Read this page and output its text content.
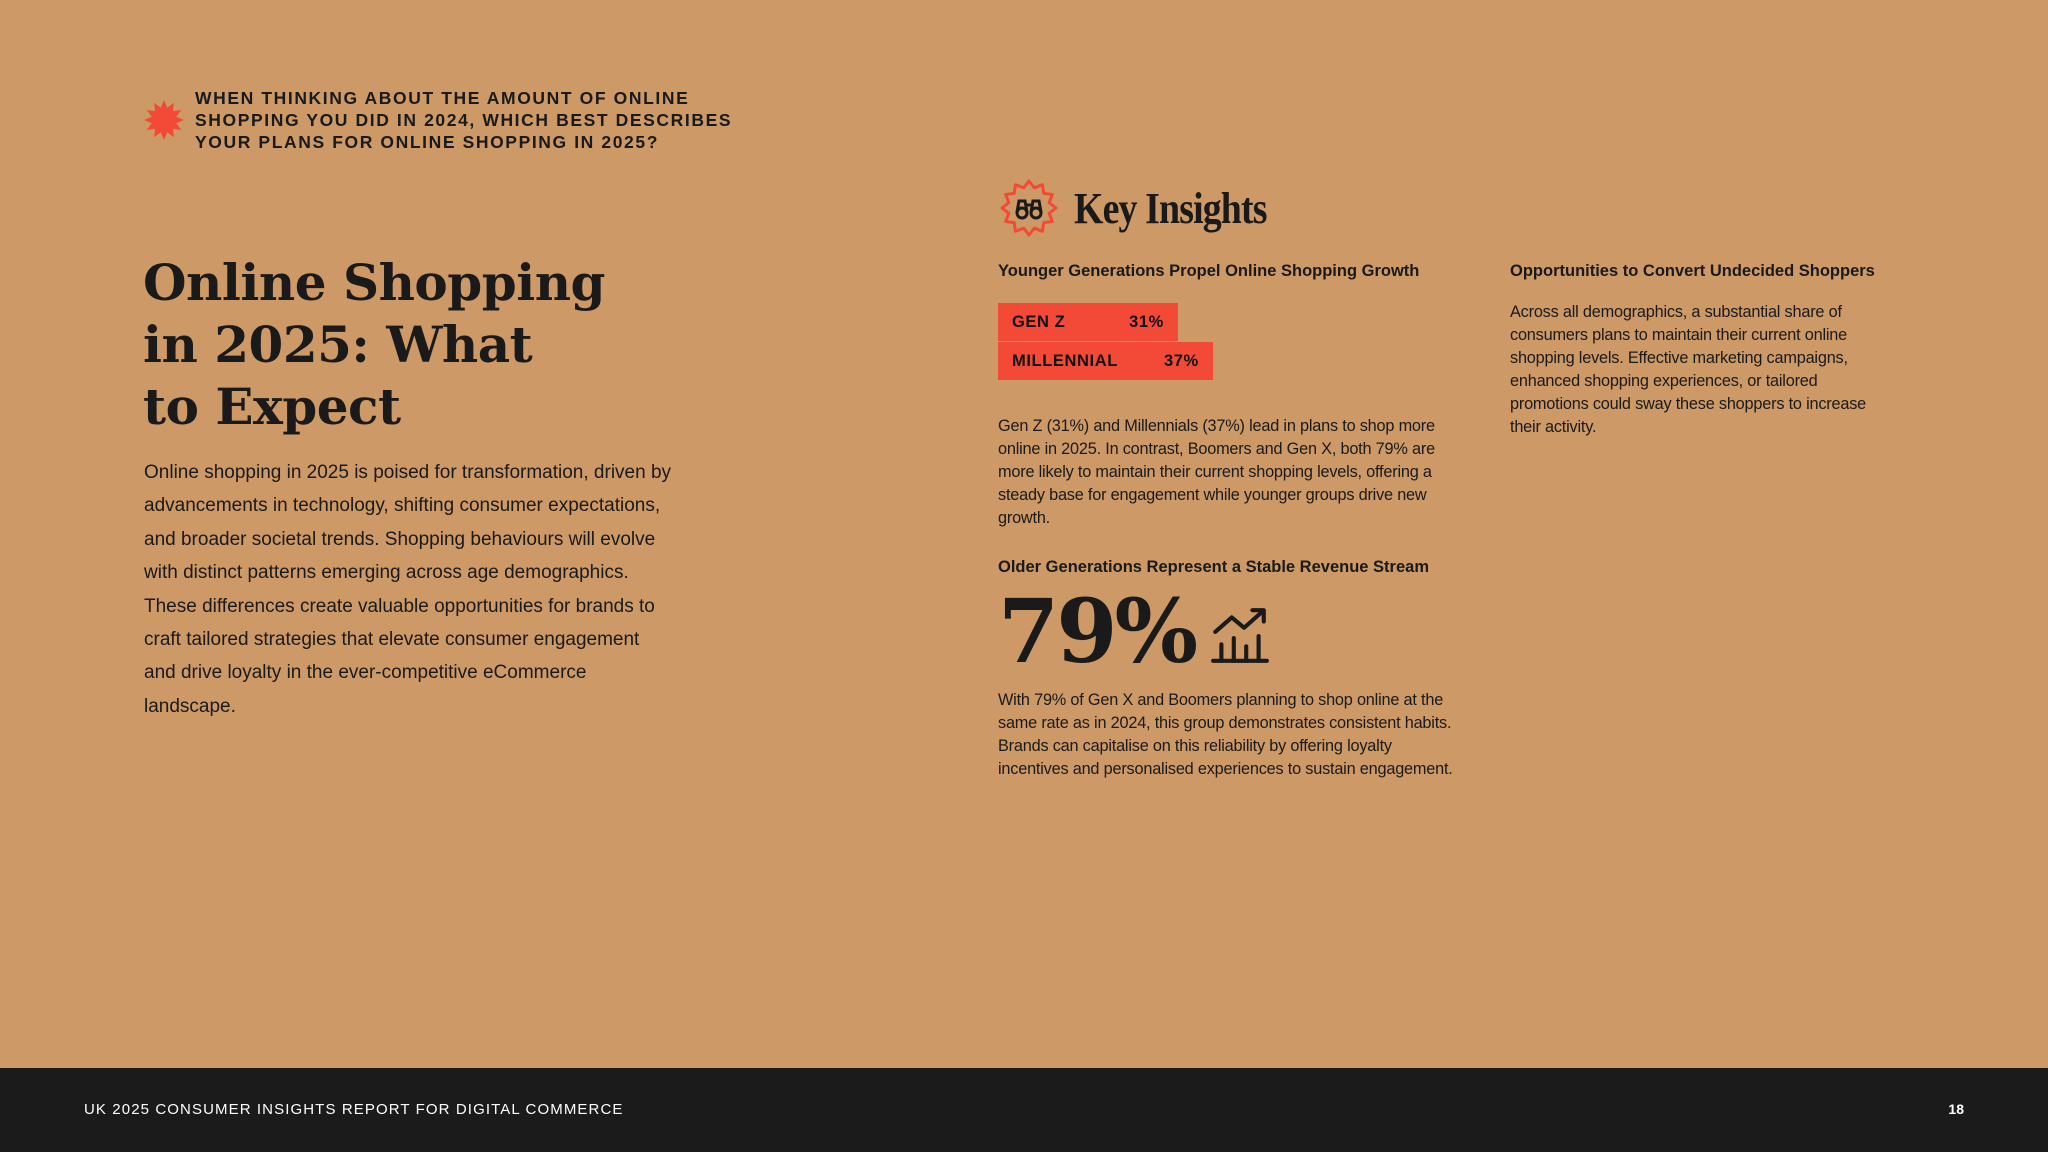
WHEN THINKING ABOUT THE AMOUNT OF ONLINE SHOPPING YOU DID IN 2024, WHICH BEST DESCRIBES YOUR PLANS FOR ONLINE SHOPPING IN 2025?

Online Shopping
in 2025: What
to Expect

Online shopping in 2025 is poised for transformation, driven by advancements in technology, shifting consumer expectations, and broader societal trends. Shopping behaviours will evolve with distinct patterns emerging across age demographics. These differences create valuable opportunities for brands to craft tailored strategies that elevate consumer engagement and drive loyalty in the ever-competitive eCommerce landscape.

Key Insights

Younger Generations Propel Online Shopping Growth

GEN Z	31%
MILLENNIAL	37%

Gen Z (31%) and Millennials (37%) lead in plans to shop more online in 2025. In contrast, Boomers and Gen X, both 79% are more likely to maintain their current shopping levels, offering a steady base for engagement while younger groups drive new growth.

Older Generations Represent a Stable Revenue Stream

79%

With 79% of Gen X and Boomers planning to shop online at the same rate as in 2024, this group demonstrates consistent habits. Brands can capitalise on this reliability by offering loyalty incentives and personalised experiences to sustain engagement.

Opportunities to Convert Undecided Shoppers

Across all demographics, a substantial share of consumers plans to maintain their current online shopping levels. Effective marketing campaigns, enhanced shopping experiences, or tailored promotions could sway these shoppers to increase their activity.

UK 2025 CONSUMER INSIGHTS REPORT FOR DIGITAL COMMERCE	18
